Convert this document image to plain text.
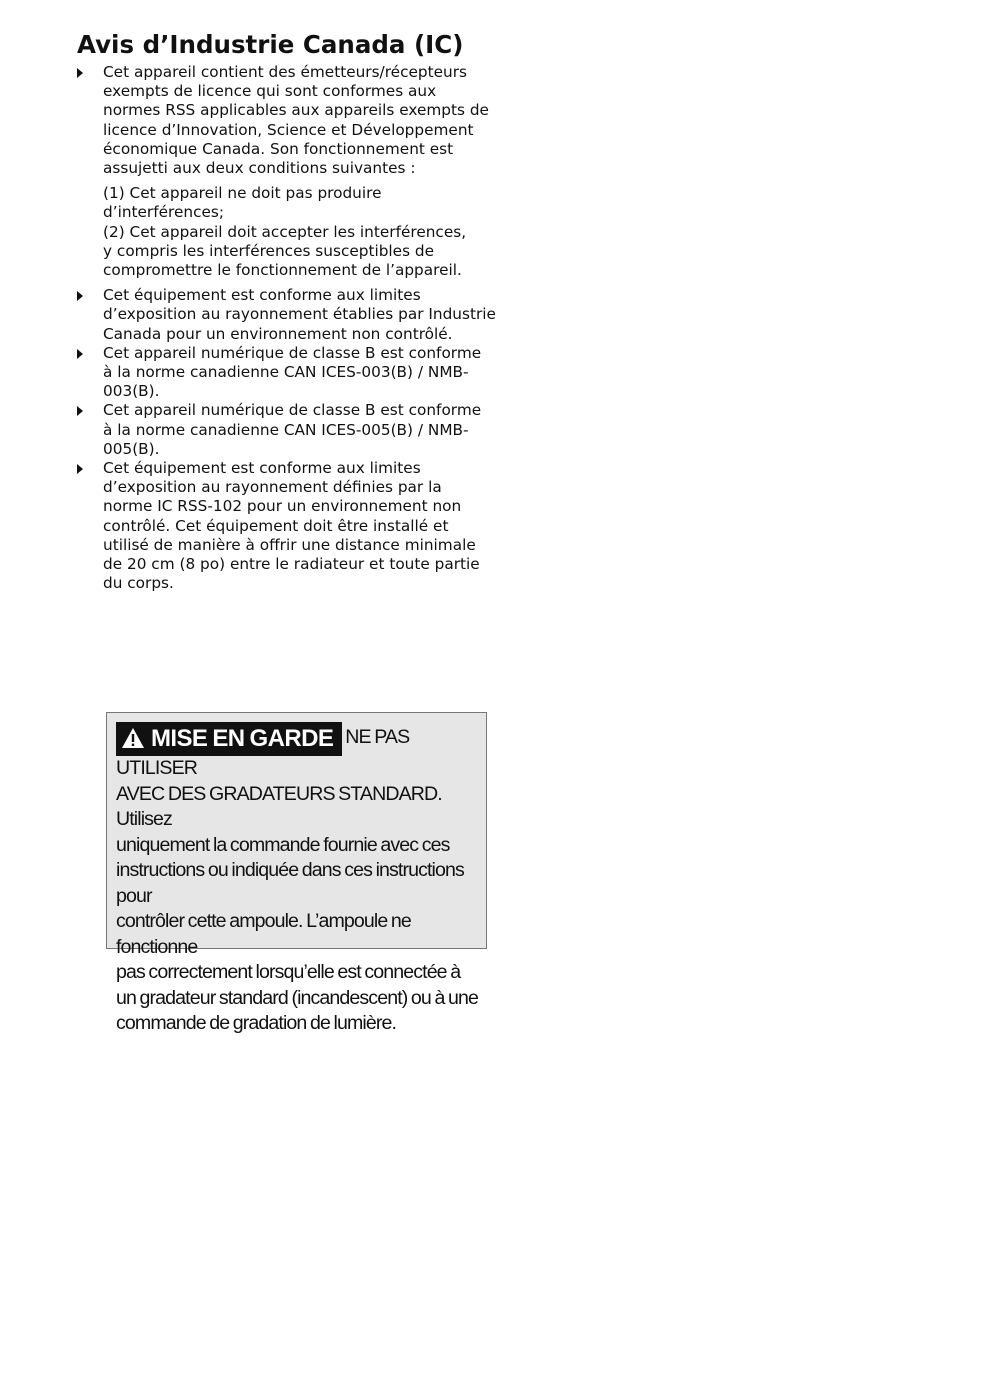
Avis d’Industrie Canada (IC)
Cet appareil contient des émetteurs/récepteurs
exempts de licence qui sont conformes aux
normes RSS applicables aux appareils exempts de
licence d’Innovation, Science et Développement
économique Canada. Son fonctionnement est
assujetti aux deux conditions suivantes :
(1) Cet appareil ne doit pas produire
d’interférences;
(2) Cet appareil doit accepter les interférences,
y compris les interférences susceptibles de
compromettre le fonctionnement de l’appareil.
Cet équipement est conforme aux limites
d’exposition au rayonnement établies par Industrie
Canada pour un environnement non contrôlé.
Cet appareil numérique de classe B est conforme
à la norme canadienne CAN ICES-003(B) / NMB-
003(B).
Cet appareil numérique de classe B est conforme
à la norme canadienne CAN ICES-005(B) / NMB-
005(B).
Cet équipement est conforme aux limites
d’exposition au rayonnement définies par la
norme IC RSS-102 pour un environnement non
contrôlé. Cet équipement doit être installé et
utilisé de manière à offrir une distance minimale
de 20 cm (8 po) entre le radiateur et toute partie
du corps.
MISE EN GARDE NE PAS UTILISER
AVEC DES GRADATEURS STANDARD. Utilisez
uniquement la commande fournie avec ces
instructions ou indiquée dans ces instructions pour
contrôler cette ampoule. L’ampoule ne fonctionne
pas correctement lorsqu’elle est connectée à
un gradateur standard (incandescent) ou à une
commande de gradation de lumière.
